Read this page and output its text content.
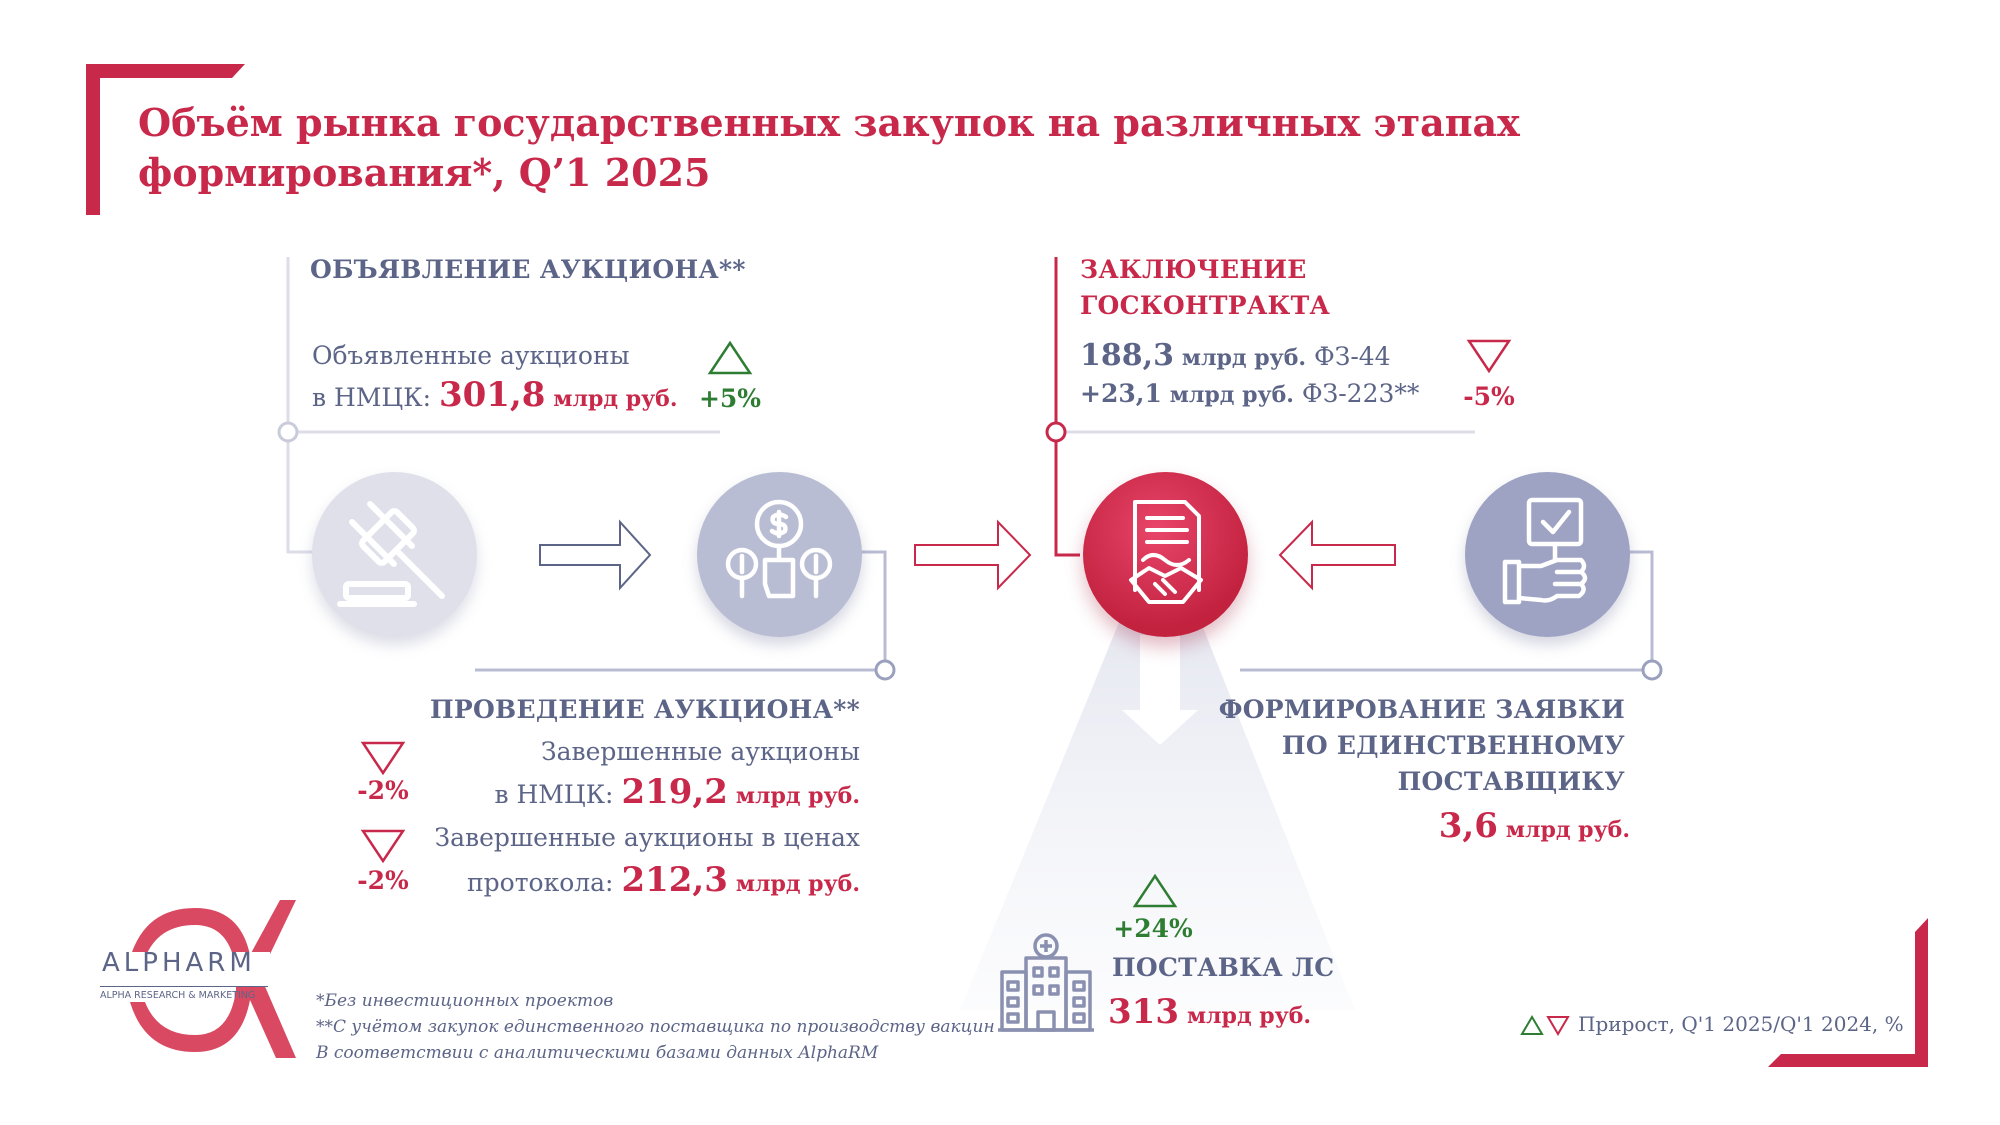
Объём рынка государственных закупок на различных этапах формирования*, Q’1 2025
ОБЪЯВЛЕНИЕ АУКЦИОНА**
Объявленные аукционы
в НМЦК: 301,8 млрд руб. +5%
ЗАКЛЮЧЕНИЕ
ГОСКОНТРАКТА
188,3 млрд руб. ФЗ-44
+23,1 млрд руб. ФЗ-223**	-5%
ПРОВЕДЕНИЕ АУКЦИОНА**
Завершенные аукционы
в НМЦК: 219,2 млрд руб.
Завершенные аукционы в ценах
протокола: 212,3 млрд руб.
-2%
-2%
ФОРМИРОВАНИЕ ЗАЯВКИ
ПО ЕДИНСТВЕННОМУ
ПОСТАВЩИКУ
3,6 млрд руб.
+24%
ПОСТАВКА ЛС
313 млрд руб.
ALPHARM
ALPHA RESEARCH & MARKETING	*Без инвестиционных проектов
**С учётом закупок единственного поставщика по производству вакцин
В соответствии с аналитическими базами данных AlphaRM
Прирост, Q'1 2025/Q'1 2024, %
